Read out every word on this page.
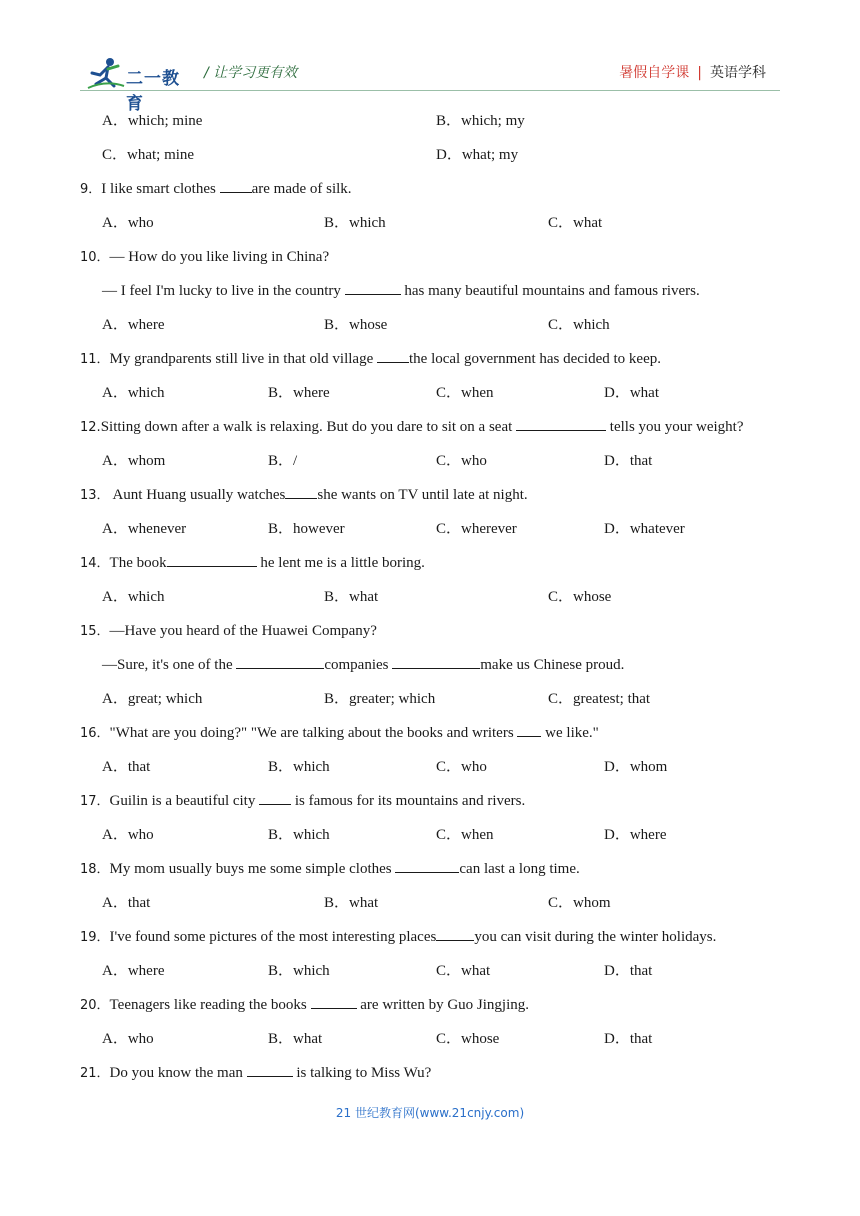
二一教育
/ 让学习更有效	暑假自学课 | 英语学科
A．which; mine	B．which; my
C．what; mine	D．what; my
9．I like smart clothes are made of silk.
A．who	B．which	C．what
10．— How do you like living in China?
— I feel I'm lucky to live in the country	has many beautiful mountains and famous rivers.
A．where	B．whose	C．which
11．My grandparents still live in that old village the local government has decided to keep.
A．which	B．where	C．when	D．what
12.Sitting down after a walk is relaxing. But do you dare to sit on a seat	tells you your weight?
A．whom	B．/	C．who	D．that
13． Aunt Huang usually watches she wants on TV until late at night.
A．whenever	B．however	C．wherever	D．whatever
14．The book	he lent me is a little boring.
A．which	B．what	C．whose
15．—Have you heard of the Huawei Company?
—Sure, it's one of the	companies	make us Chinese proud.
A．great; which	B．greater; which	C．greatest; that
16．"What are you doing?" "We are talking about the books and writers  we like."
A．that	B．which	C．who	D．whom
17．Guilin is a beautiful city  is famous for its mountains and rivers.
A．who	B．which	C．when	D．where
18．My mom usually buys me some simple clothes	can last a long time.
A．that	B．what	C．whom
19．I've found some pictures of the most interesting places	you can visit during the winter holidays.
A．where	B．which	C．what	D．that
20．Teenagers like reading the books	are written by Guo Jingjing.
A．who	B．what	C．whose	D．that
21．Do you know the man	is talking to Miss Wu?
21 世纪教育网(www.21cnjy.com)
